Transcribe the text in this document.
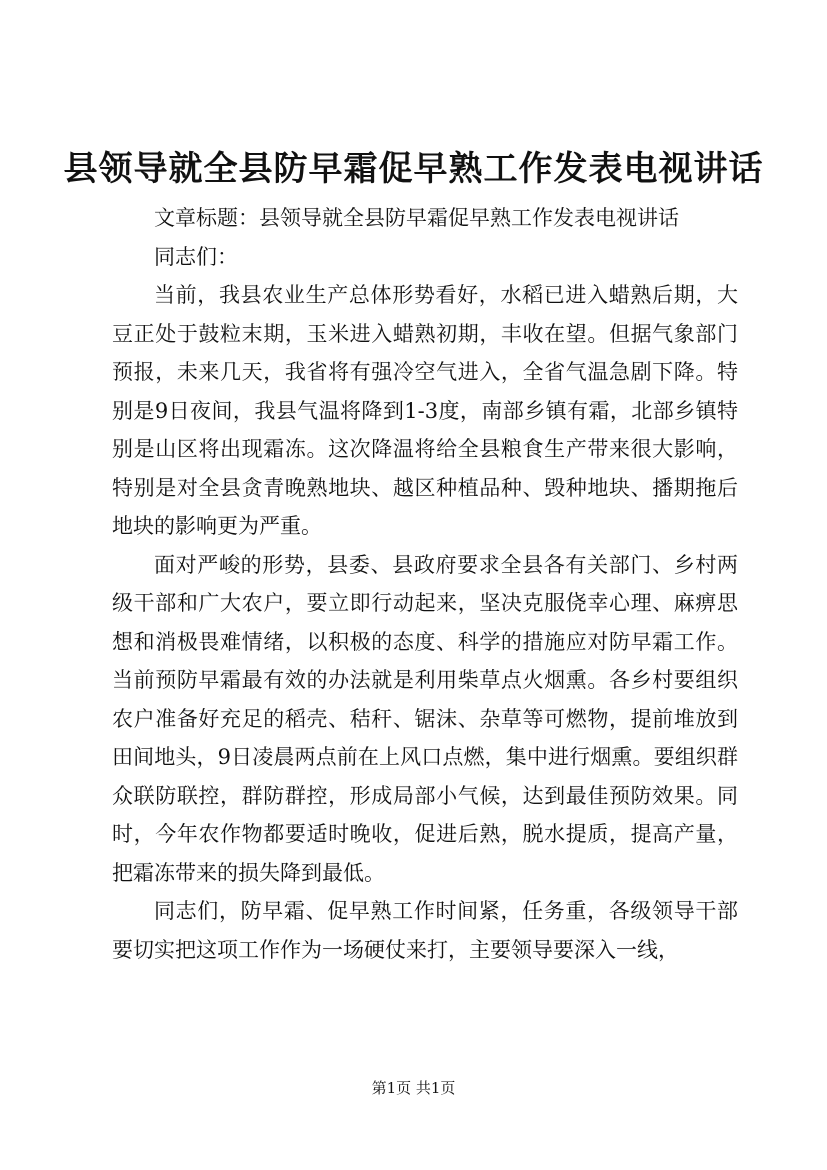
县领导就全县防早霜促早熟工作发表电视讲话

文章标题：县领导就全县防早霜促早熟工作发表电视讲话

同志们：

当前，我县农业生产总体形势看好，水稻已进入蜡熟后期，大豆正处于鼓粒末期，玉米进入蜡熟初期，丰收在望。但据气象部门预报，未来几天，我省将有强冷空气进入，全省气温急剧下降。特别是9日夜间，我县气温将降到1-3度，南部乡镇有霜，北部乡镇特别是山区将出现霜冻。这次降温将给全县粮食生产带来很大影响，特别是对全县贪青晚熟地块、越区种植品种、毁种地块、播期拖后地块的影响更为严重。

面对严峻的形势，县委、县政府要求全县各有关部门、乡村两级干部和广大农户，要立即行动起来，坚决克服侥幸心理、麻痹思想和消极畏难情绪，以积极的态度、科学的措施应对防早霜工作。当前预防早霜最有效的办法就是利用柴草点火烟熏。各乡村要组织农户准备好充足的稻壳、秸秆、锯沫、杂草等可燃物，提前堆放到田间地头，9日凌晨两点前在上风口点燃，集中进行烟熏。要组织群众联防联控，群防群控，形成局部小气候，达到最佳预防效果。同时，今年农作物都要适时晚收，促进后熟，脱水提质，提高产量，把霜冻带来的损失降到最低。

同志们，防早霜、促早熟工作时间紧，任务重，各级领导干部要切实把这项工作作为一场硬仗来打，主要领导要深入一线，

第1页 共1页
